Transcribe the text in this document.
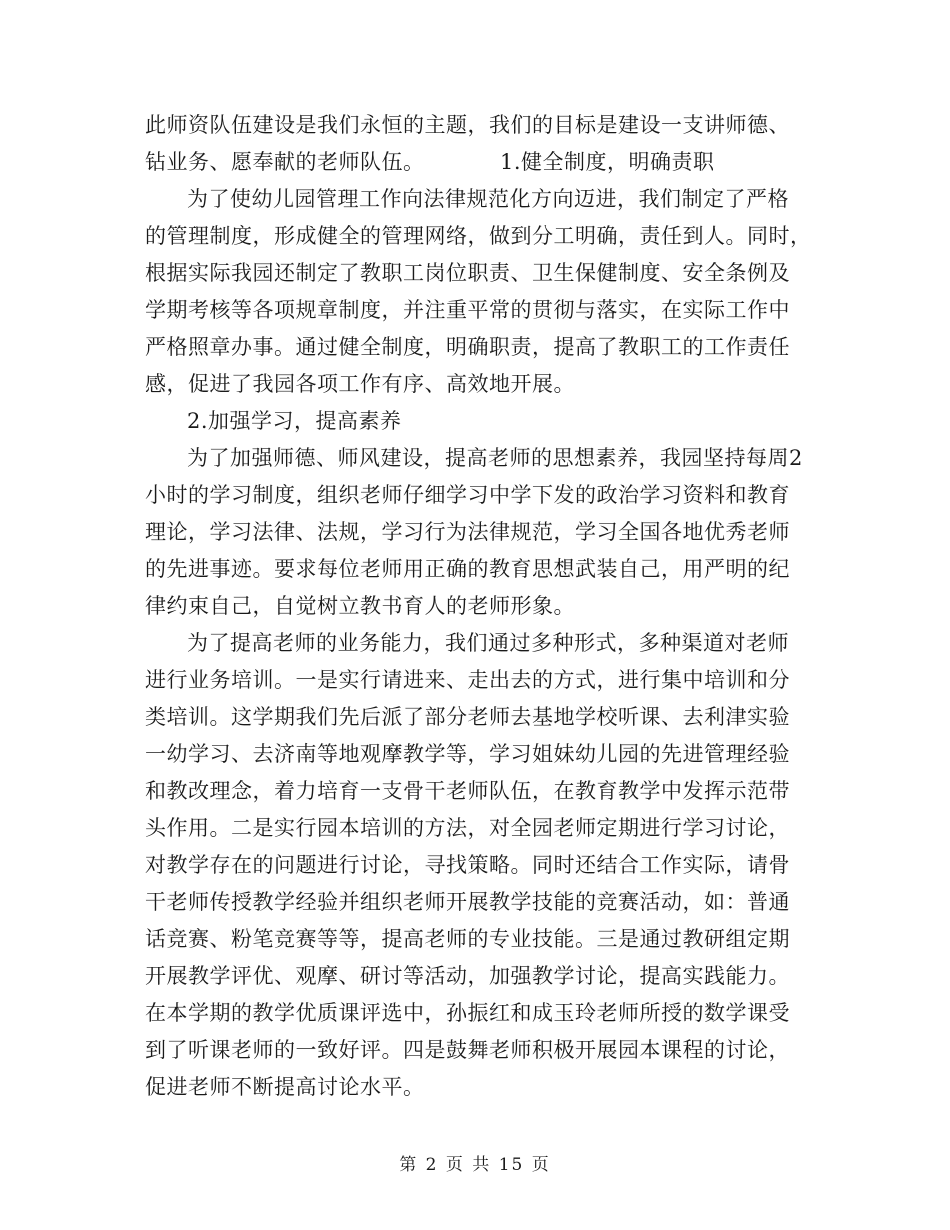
此师资队伍建设是我们永恒的主题，我们的目标是建设一支讲师德、
钻业务、愿奉献的老师队伍。　　　　1.健全制度，明确责职
为了使幼儿园管理工作向法律规范化方向迈进，我们制定了严格
的管理制度，形成健全的管理网络，做到分工明确，责任到人。同时，
根据实际我园还制定了教职工岗位职责、卫生保健制度、安全条例及
学期考核等各项规章制度，并注重平常的贯彻与落实，在实际工作中
严格照章办事。通过健全制度，明确职责，提高了教职工的工作责任
感，促进了我园各项工作有序、高效地开展。
2.加强学习，提高素养
为了加强师德、师风建设，提高老师的思想素养，我园坚持每周2
小时的学习制度，组织老师仔细学习中学下发的政治学习资料和教育
理论，学习法律、法规，学习行为法律规范，学习全国各地优秀老师
的先进事迹。要求每位老师用正确的教育思想武装自己，用严明的纪
律约束自己，自觉树立教书育人的老师形象。
为了提高老师的业务能力，我们通过多种形式，多种渠道对老师
进行业务培训。一是实行请进来、走出去的方式，进行集中培训和分
类培训。这学期我们先后派了部分老师去基地学校听课、去利津实验
一幼学习、去济南等地观摩教学等，学习姐妹幼儿园的先进管理经验
和教改理念，着力培育一支骨干老师队伍，在教育教学中发挥示范带
头作用。二是实行园本培训的方法，对全园老师定期进行学习讨论，
对教学存在的问题进行讨论，寻找策略。同时还结合工作实际，请骨
干老师传授教学经验并组织老师开展教学技能的竞赛活动，如：普通
话竞赛、粉笔竞赛等等，提高老师的专业技能。三是通过教研组定期
开展教学评优、观摩、研讨等活动，加强教学讨论，提高实践能力。
在本学期的教学优质课评选中，孙振红和成玉玲老师所授的数学课受
到了听课老师的一致好评。四是鼓舞老师积极开展园本课程的讨论，
促进老师不断提高讨论水平。
第 2 页 共 15 页
